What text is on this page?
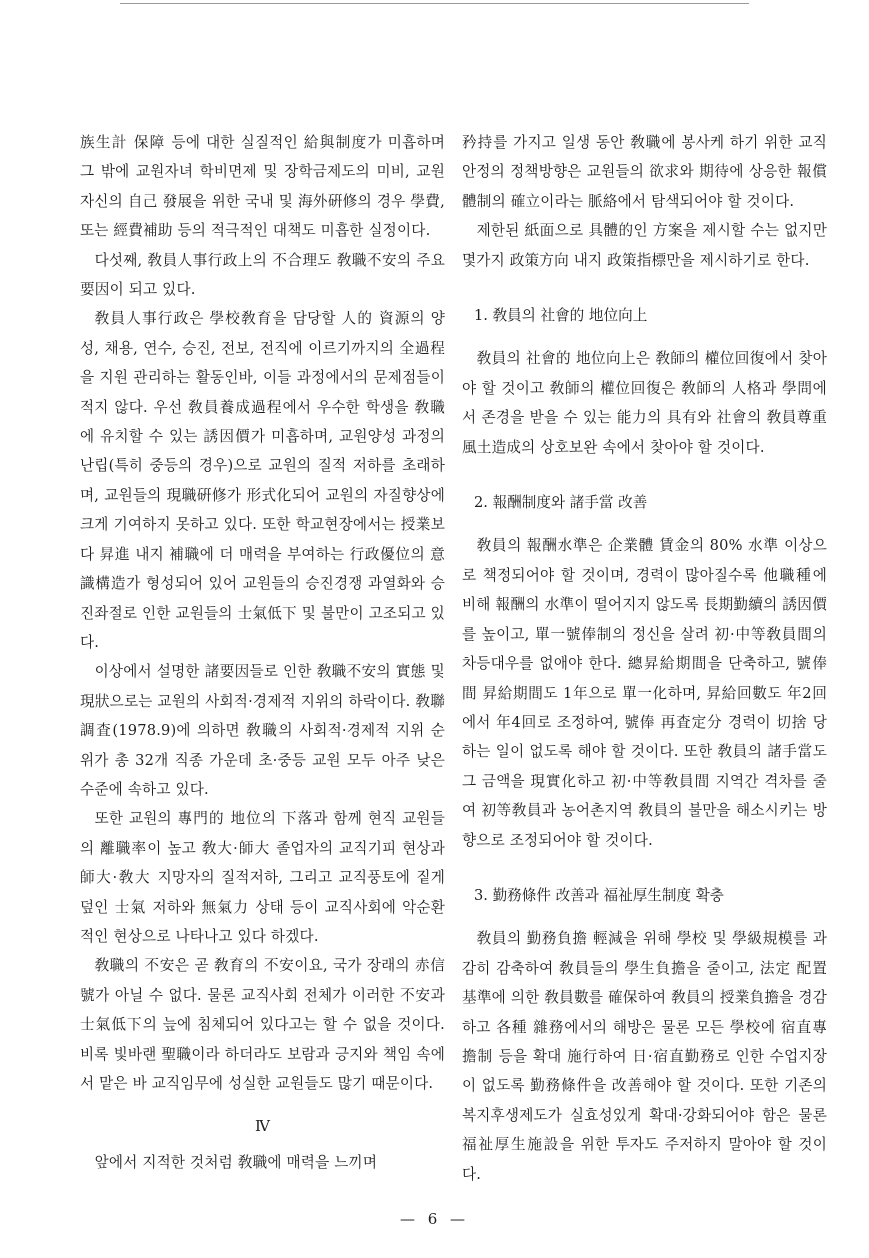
族生計 保障 등에 대한 실질적인 給與制度가 미흡하며 그 밖에 교원자녀 학비면제 및 장학금제도의 미비, 교원 자신의 自己 發展을 위한 국내 및 海外硏修의 경우 學費, 또는 經費補助 등의 적극적인 대책도 미흡한 실정이다.

다섯째, 敎員人事行政上의 不合理도 敎職不安의 주요 要因이 되고 있다.

敎員人事行政은 學校敎育을 담당할 人的 資源의 양성, 채용, 연수, 승진, 전보, 전직에 이르기까지의 全過程을 지원 관리하는 활동인바, 이들 과정에서의 문제점들이 적지 않다. 우선 敎員養成過程에서 우수한 학생을 敎職에 유치할 수 있는 誘因價가 미흡하며, 교원양성 과정의 난립(특히 중등의 경우)으로 교원의 질적 저하를 초래하며, 교원들의 現職硏修가 形式化되어 교원의 자질향상에 크게 기여하지 못하고 있다. 또한 학교현장에서는 授業보다 昇進 내지 補職에 더 매력을 부여하는 行政優位의 意識構造가 형성되어 있어 교원들의 승진경쟁 과열화와 승진좌절로 인한 교원들의 士氣低下 및 불만이 고조되고 있다.

이상에서 설명한 諸要因들로 인한 敎職不安의 實態 및 現狀으로는 교원의 사회적·경제적 지위의 하락이다. 敎聯調査(1978.9)에 의하면 敎職의 사회적·경제적 지위 순위가 총 32개 직종 가운데 초·중등 교원 모두 아주 낮은 수준에 속하고 있다.

또한 교원의 專門的 地位의 下落과 함께 현직 교원들의 離職率이 높고 敎大·師大 졸업자의 교직기피 현상과 師大·敎大 지망자의 질적저하, 그리고 교직풍토에 짙게 덮인 士氣 저하와 無氣力 상태 등이 교직사회에 악순환적인 현상으로 나타나고 있다 하겠다.

敎職의 不安은 곧 敎育의 不安이요, 국가 장래의 赤信號가 아닐 수 없다. 물론 교직사회 전체가 이러한 不安과 士氣低下의 늪에 침체되어 있다고는 할 수 없을 것이다. 비록 빛바랜 聖職이라 하더라도 보람과 긍지와 책임 속에서 맡은 바 교직임무에 성실한 교원들도 많기 때문이다.

Ⅳ

앞에서 지적한 것처럼 敎職에 매력을 느끼며

矜持를 가지고 일생 동안 敎職에 봉사케 하기 위한 교직안정의 정책방향은 교원들의 欲求와 期待에 상응한 報償體制의 確立이라는 脈絡에서 탐색되어야 할 것이다.

제한된 紙面으로 具體的인 方案을 제시할 수는 없지만 몇가지 政策方向 내지 政策指標만을 제시하기로 한다.

1. 敎員의 社會的 地位向上

敎員의 社會的 地位向上은 敎師의 權位回復에서 찾아야 할 것이고 敎師의 權位回復은 敎師의 人格과 學問에서 존경을 받을 수 있는 能力의 具有와 社會의 敎員尊重 風土造成의 상호보완 속에서 찾아야 할 것이다.

2. 報酬制度와 諸手當 改善

敎員의 報酬水準은 企業體 賃金의 80% 水準 이상으로 책정되어야 할 것이며, 경력이 많아질수록 他職種에 비해 報酬의 水準이 떨어지지 않도록 長期勤續의 誘因價를 높이고, 單一號俸制의 정신을 살려 初·中等敎員間의 차등대우를 없애야 한다. 總昇給期間을 단축하고, 號俸間 昇給期間도 1年으로 單一化하며, 昇給回數도 年2回에서 年4回로 조정하여, 號俸 再査定分 경력이 切捨 당하는 일이 없도록 해야 할 것이다. 또한 敎員의 諸手當도 그 금액을 現實化하고 初·中等敎員間 지역간 격차를 줄여 初等敎員과 농어촌지역 敎員의 불만을 해소시키는 방향으로 조정되어야 할 것이다.

3. 勤務條件 改善과 福祉厚生制度 확충

敎員의 勤務負擔 輕減을 위해 學校 및 學級規模를 과감히 감축하여 敎員들의 學生負擔을 줄이고, 法定 配置基準에 의한 敎員數를 確保하여 敎員의 授業負擔을 경감하고 各種 雜務에서의 해방은 물론 모든 學校에 宿直專擔制 등을 확대 施行하여 日·宿直勤務로 인한 수업지장이 없도록 勤務條件을 改善해야 할 것이다. 또한 기존의 복지후생제도가 실효성있게 확대·강화되어야 함은 물론 福祉厚生施設을 위한 투자도 주저하지 말아야 할 것이다.

— 6 —
